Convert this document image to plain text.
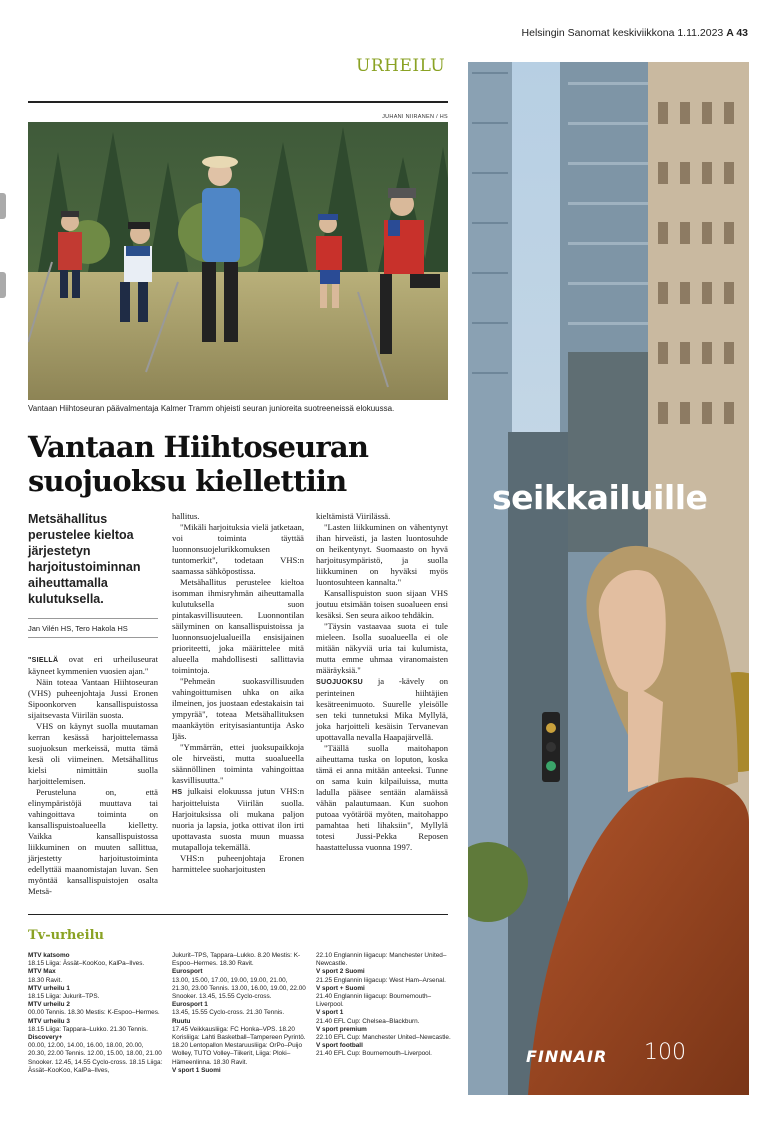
Helsingin Sanomat keskiviikkona 1.11.2023 A 43
URHEILU
JUHANI NIIRANEN / HS
Vantaan Hiihtoseuran päävalmentaja Kalmer Tramm ohjeisti seuran junioreita suotreeneissä elokuussa.
Vantaan Hiihtoseuran suojuoksu kiellettiin
Metsähallitus perustelee kieltoa järjestetyn harjoitustoiminnan aiheuttamalla kulutuksella.
Jan Vilén HS, Tero Hakola HS

"SIELLÄ ovat eri urheiluseurat käyneet kymmenien vuosien ajan."

Näin toteaa Vantaan Hiihtoseuran (VHS) puheenjohtaja Jussi Eronen Sipoonkorven kansallispuistossa sijaitsevasta Viirilän suosta.

VHS on käynyt suolla muutaman kerran kesässä harjoittelemassa suojuoksun merkeissä, mutta tämä kesä oli viimeinen. Metsähallitus kielsi nimittäin suolla harjoittelemisen.

Perusteluna on, että elinympäristöjä muuttava tai vahingoittava toiminta on kansallispuistoalueella kielletty. Vaikka kansallispuistossa liikkuminen on muuten sallittua, järjestetty harjoitustoiminta edellyttää maanomistajan luvan. Sen myöntää kansallispuistojen osalta Metsä-

hallitus.

"Mikäli harjoituksia vielä jatketaan, voi toiminta täyttää luonnonsuojelurikkomuksen tuntomerkit", todetaan VHS:n saamassa sähköpostissa.

Metsähallitus perustelee kieltoa isomman ihmisryhmän aiheuttamalla kulutuksella suon pintakasvillisuuteen. Luonnontilan säilyminen on kansallispuistoissa ja luonnonsuojelualueilla ensisijainen prioriteetti, joka määrittelee mitä alueella mahdollisesti sallittavia toimintoja.

"Pehmeän suokasvillisuuden vahingoittumisen uhka on aika ilmeinen, jos juostaan edestakaisin tai ympyrää", toteaa Metsähallituksen maankäytön erityisasiantuntija Asko Ijäs.

"Ymmärrän, ettei juoksupaikkoja ole hirveästi, mutta suoalueella säännöllinen toiminta vahingoittaa kasvillisuutta."

HS julkaisi elokuussa jutun VHS:n harjoitteluista Viirilän suolla. Harjoituksissa oli mukana paljon nuoria ja lapsia, jotka ottivat ilon irti upottavasta suosta muun muassa mutapalloja tekemällä.

VHS:n puheenjohtaja Eronen harmittelee suoharjoitusten

kieltämistä Viirilässä.

"Lasten liikkuminen on vähentynyt ihan hirveästi, ja lasten luontosuhde on heikentynyt. Suomaasto on hyvä harjoitusympäristö, ja suolla liikkuminen on hyväksi myös luontosuhteen kannalta."

Kansallispuiston suon sijaan VHS joutuu etsimään toisen suoalueen ensi kesäksi. Sen seura aikoo tehdäkin.

"Täysin vastaavaa suota ei tule mieleen. Isolla suoalueella ei ole mitään näkyviä uria tai kulumista, mutta emme uhmaa viranomaisten määräyksiä."

SUOJUOKSU ja -kävely on perinteinen hiihtäjien kesätreenimuoto. Suurelle yleisölle sen teki tunnetuksi Mika Myllylä, joka harjoitteli kesäisin Tervanevan upottavalla nevalla Haapajärvellä.

"Täällä suolla maitohapon aiheuttama tuska on loputon, koska tämä ei anna mitään anteeksi. Tunne on sama kuin kilpailuissa, mutta ladulla pääsee sentään alamäissä vähän palautumaan. Kun suohon putoaa vyötäröä myöten, maitohappo pamahtaa heti lihaksiin", Myllylä totesi Jussi-Pekka Reposen haastattelussa vuonna 1997.

Tv-urheilu
MTV katsomo
18.15 Liiga: Ässät–KooKoo, KalPa–Ilves.
MTV Max
18.30 Ravit.
MTV urheilu 1
18.15 Liiga: Jukurit–TPS.
MTV urheilu 2
00.00 Tennis. 18.30 Mestis: K-Espoo–Hermes.
MTV urheilu 3
18.15 Liiga: Tappara–Lukko. 21.30 Tennis.
Discovery+
00.00, 12.00, 14.00, 16.00, 18.00, 20.00, 20.30, 22.00 Tennis. 12.00, 15.00, 18.00, 21.00 Snooker. 12.45, 14.55 Cyclo-cross. 18.15 Liiga: Ässät–KooKoo, KalPa–Ilves,
Jukurit–TPS, Tappara–Lukko. 8.20 Mestis: K-Espoo–Hermes. 18.30 Ravit.
Eurosport
13.00, 15.00, 17.00, 19.00, 19.00, 21.00, 21.30, 23.00 Tennis. 13.00, 16.00, 19.00, 22.00 Snooker. 13.45, 15.55 Cyclo-cross.
Eurosport 1
13.45, 15.55 Cyclo-cross. 21.30 Tennis.
Ruutu
17.45 Veikkausliiga: FC Honka–VPS. 18.20 Korisliiga: Lahti Basketball–Tampereen Pyrintö. 18.20 Lentopallon Mestaruusliiga: OrPo–Puijo Wolley, TUTO Volley–Tiikerit, Liiga: Ploki–Hämeenlinna. 18.30 Ravit.
V sport 1 Suomi
22.10 Englannin liigacup: Manchester United–Newcastle.
V sport 2 Suomi
21.25 Englannin liigacup: West Ham–Arsenal.
V sport + Suomi
21.40 Englannin liigacup: Bournemouth–Liverpool.
V sport 1
21.40 EFL Cup: Chelsea–Blackburn.
V sport premium
22.10 EFL Cup: Manchester United–Newcastle.
V sport football
21.40 EFL Cup: Bournemouth–Liverpool.
seikkailuille
FINNAIR 100
